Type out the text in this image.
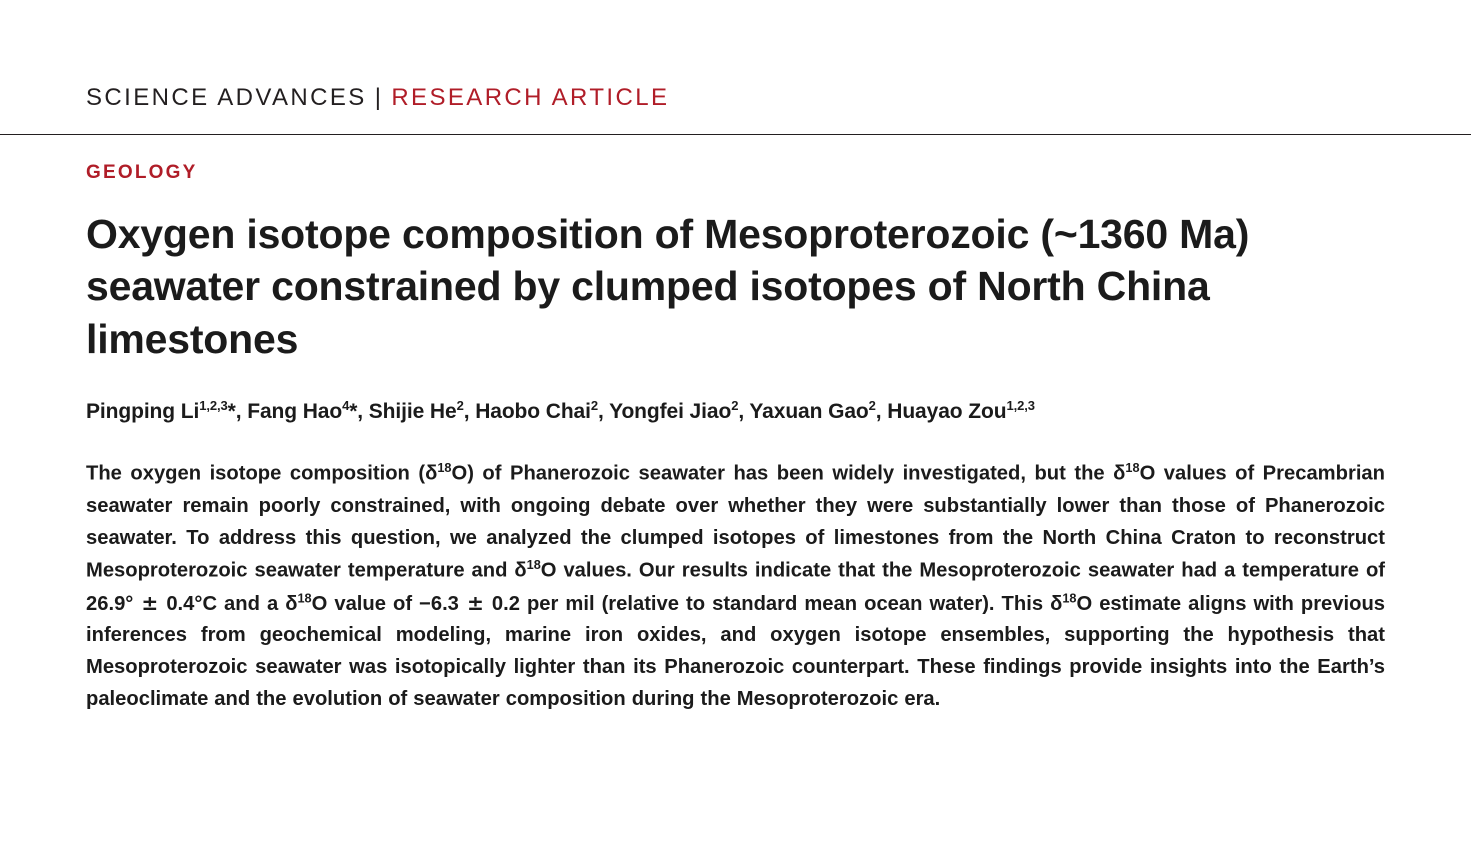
SCIENCE ADVANCES | RESEARCH ARTICLE
GEOLOGY
Oxygen isotope composition of Mesoproterozoic (~1360 Ma) seawater constrained by clumped isotopes of North China limestones
Pingping Li$^{1,2,3}$*, Fang Hao$^4$*, Shijie He$^2$, Haobo Chai$^2$, Yongfei Jiao$^2$, Yaxuan Gao$^2$, Huayao Zou$^{1,2,3}$
The oxygen isotope composition $(\delta^{18}O)$ of Phanerozoic seawater has been widely investigated, but the $\delta^{18}O$ values of Precambrian seawater remain poorly constrained, with ongoing debate over whether they were substantially lower than those of Phanerozoic seawater. To address this question, we analyzed the clumped isotopes of limestones from the North China Craton to reconstruct Mesoproterozoic seawater temperature and $\delta^{18}O$ values. Our results indicate that the Mesoproterozoic seawater had a temperature of 26.9° ± 0.4°C and a $\delta^{18}O$ value of −6.3 ± 0.2 per mil (relative to standard mean ocean water). This $\delta^{18}O$ estimate aligns with previous inferences from geochemical modeling, marine iron oxides, and oxygen isotope ensembles, supporting the hypothesis that Mesoproterozoic seawater was isotopically lighter than its Phanerozoic counterpart. These findings provide insights into the Earth’s paleoclimate and the evolution of seawater composition during the Mesoproterozoic era.
